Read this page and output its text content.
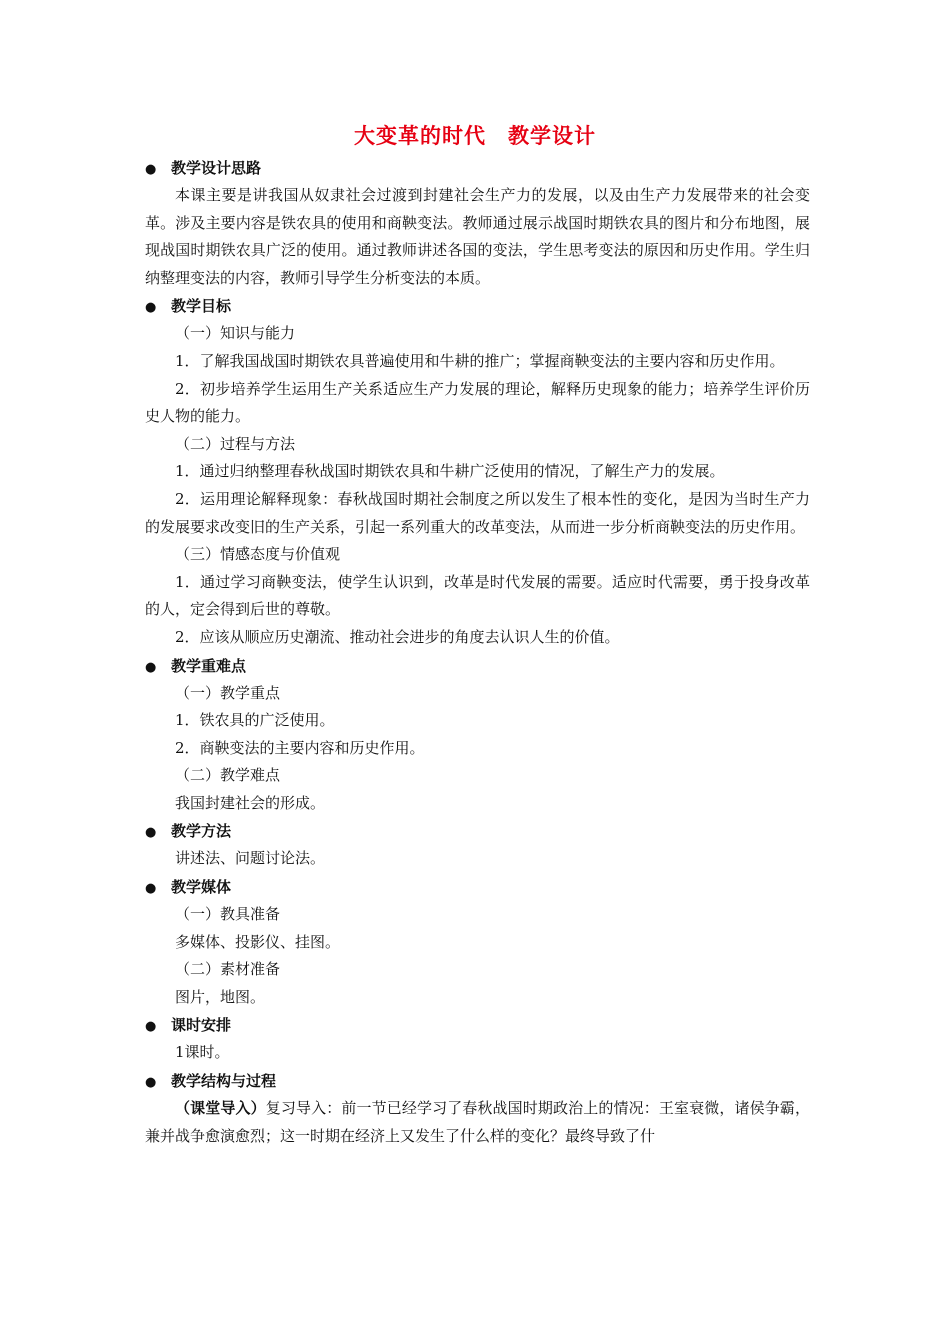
大变革的时代　教学设计
● 教学设计思路

本课主要是讲我国从奴隶社会过渡到封建社会生产力的发展，以及由生产力发展带来的社会变革。涉及主要内容是铁农具的使用和商鞅变法。教师通过展示战国时期铁农具的图片和分布地图，展现战国时期铁农具广泛的使用。通过教师讲述各国的变法，学生思考变法的原因和历史作用。学生归纳整理变法的内容，教师引导学生分析变法的本质。

● 教学目标

（一）知识与能力

1．了解我国战国时期铁农具普遍使用和牛耕的推广；掌握商鞅变法的主要内容和历史作用。

2．初步培养学生运用生产关系适应生产力发展的理论，解释历史现象的能力；培养学生评价历史人物的能力。

（二）过程与方法

1．通过归纳整理春秋战国时期铁农具和牛耕广泛使用的情况，了解生产力的发展。

2．运用理论解释现象：春秋战国时期社会制度之所以发生了根本性的变化，是因为当时生产力的发展要求改变旧的生产关系，引起一系列重大的改革变法，从而进一步分析商鞅变法的历史作用。

（三）情感态度与价值观

1．通过学习商鞅变法，使学生认识到，改革是时代发展的需要。适应时代需要，勇于投身改革的人，定会得到后世的尊敬。

2．应该从顺应历史潮流、推动社会进步的角度去认识人生的价值。

● 教学重难点

（一）教学重点

1．铁农具的广泛使用。

2．商鞅变法的主要内容和历史作用。

（二）教学难点

我国封建社会的形成。

● 教学方法

讲述法、问题讨论法。

● 教学媒体

（一）教具准备

多媒体、投影仪、挂图。

（二）素材准备

图片，地图。

● 课时安排

1课时。

● 教学结构与过程

（课堂导入）复习导入：前一节已经学习了春秋战国时期政治上的情况：王室衰微，诸侯争霸，兼并战争愈演愈烈；这一时期在经济上又发生了什么样的变化？最终导致了什
